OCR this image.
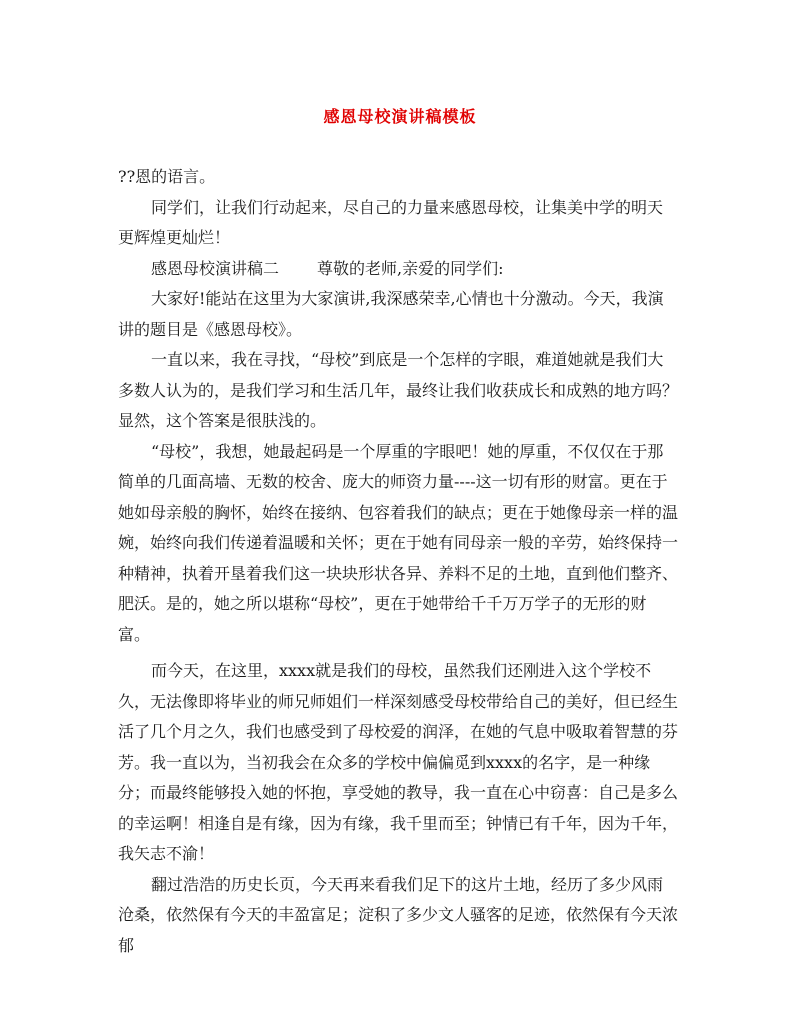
感恩母校演讲稿模板

??恩的语言。

同学们，让我们行动起来，尽自己的力量来感恩母校，让集美中学的明天更辉煌更灿烂！

感恩母校演讲稿二 尊敬的老师,亲爱的同学们:

大家好!能站在这里为大家演讲,我深感荣幸,心情也十分激动。今天，我演讲的题目是《感恩母校》。

一直以来，我在寻找，“母校”到底是一个怎样的字眼，难道她就是我们大多数人认为的，是我们学习和生活几年，最终让我们收获成长和成熟的地方吗？显然，这个答案是很肤浅的。

“母校”，我想，她最起码是一个厚重的字眼吧！她的厚重，不仅仅在于那简单的几面高墙、无数的校舍、庞大的师资力量----这一切有形的财富。更在于她如母亲般的胸怀，始终在接纳、包容着我们的缺点；更在于她像母亲一样的温婉，始终向我们传递着温暖和关怀；更在于她有同母亲一般的辛劳，始终保持一种精神，执着开垦着我们这一块块形状各异、养料不足的土地，直到他们整齐、肥沃。是的，她之所以堪称“母校”，更在于她带给千千万万学子的无形的财富。

而今天，在这里，xxxx就是我们的母校，虽然我们还刚进入这个学校不久，无法像即将毕业的师兄师姐们一样深刻感受母校带给自己的美好，但已经生活了几个月之久，我们也感受到了母校爱的润泽，在她的气息中吸取着智慧的芬芳。我一直以为，当初我会在众多的学校中偏偏觅到xxxx的名字，是一种缘分；而最终能够投入她的怀抱，享受她的教导，我一直在心中窃喜：自己是多么的幸运啊！相逢自是有缘，因为有缘，我千里而至；钟情已有千年，因为千年，我矢志不渝！

翻过浩浩的历史长页，今天再来看我们足下的这片土地，经历了多少风雨沧桑，依然保有今天的丰盈富足；淀积了多少文人骚客的足迹，依然保有今天浓郁
